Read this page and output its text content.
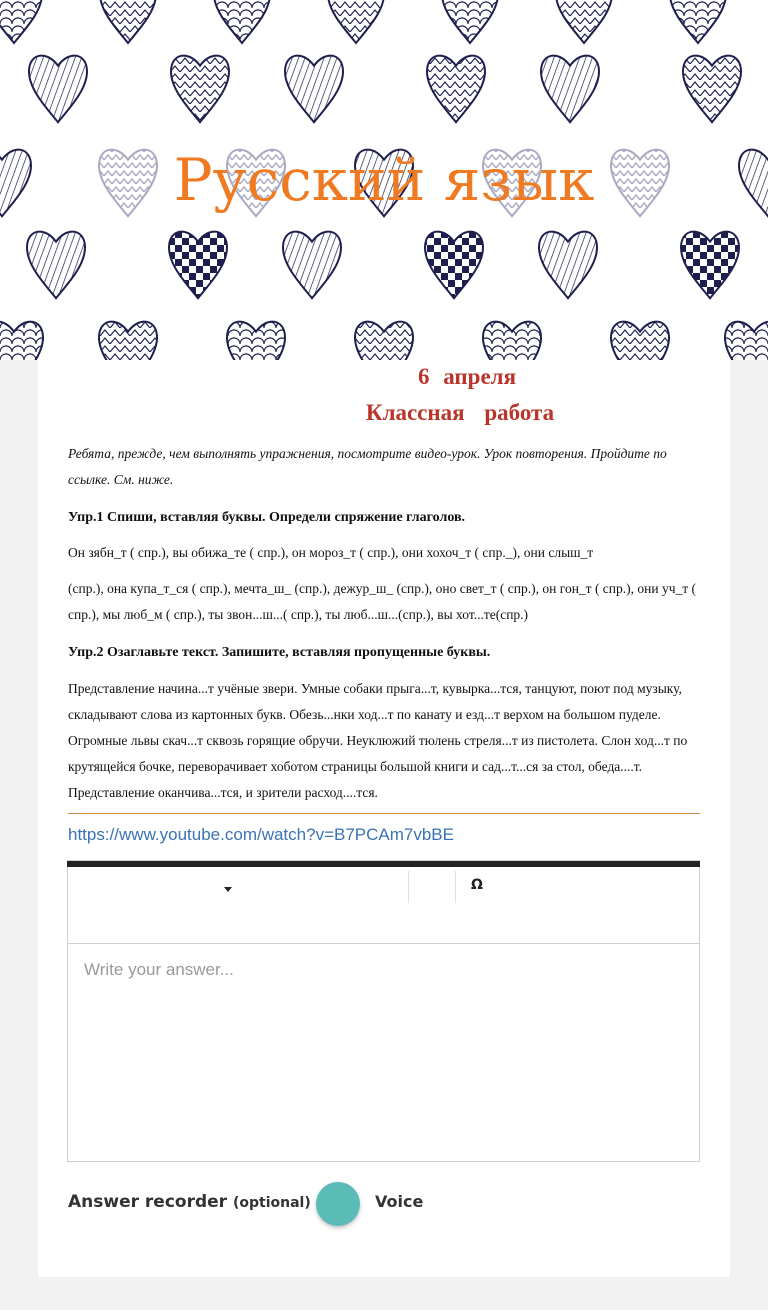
Русский язык
6 апреля
Классная работа
Ребята, прежде, чем выполнять упражнения, посмотрите видео-урок. Урок повторения. Пройдите по ссылке. См. ниже.
Упр.1 Спиши, вставляя буквы. Определи спряжение глаголов.
Он зябн_т ( спр.), вы обижа_те ( спр.), он мороз_т ( спр.), они хохоч_т ( спр._), они слыш_т
(спр.), она купа_т_ся ( спр.), мечта_ш_ (спр.), дежур_ш_ (спр.), оно свет_т ( спр.), он гон_т ( спр.), они уч_т ( спр.), мы люб_м ( спр.), ты звон...ш...( спр.), ты люб...ш...(спр.), вы хот...те(спр.)
Упр.2 Озаглавьте текст. Запишите, вставляя пропущенные буквы.
Представление начина...т учёные звери. Умные собаки прыга...т, кувырка...тся, танцуют, поют под музыку, складывают слова из картонных букв. Обезь...нки ход...т по канату и езд...т верхом на большом пуделе. Огромные львы скач...т сквозь горящие обручи. Неуклюжий тюлень стреля...т из пистолета. Слон ход...т по крутящейся бочке, переворачивает хоботом страницы большой книги и сад...т...ся за стол, обеда....т. Представление оканчива...тся, и зрители расход....тся.
https://www.youtube.com/watch?v=B7PCAm7vbBE
Ω
Write your answer...
Answer recorder (optional)	Voice
